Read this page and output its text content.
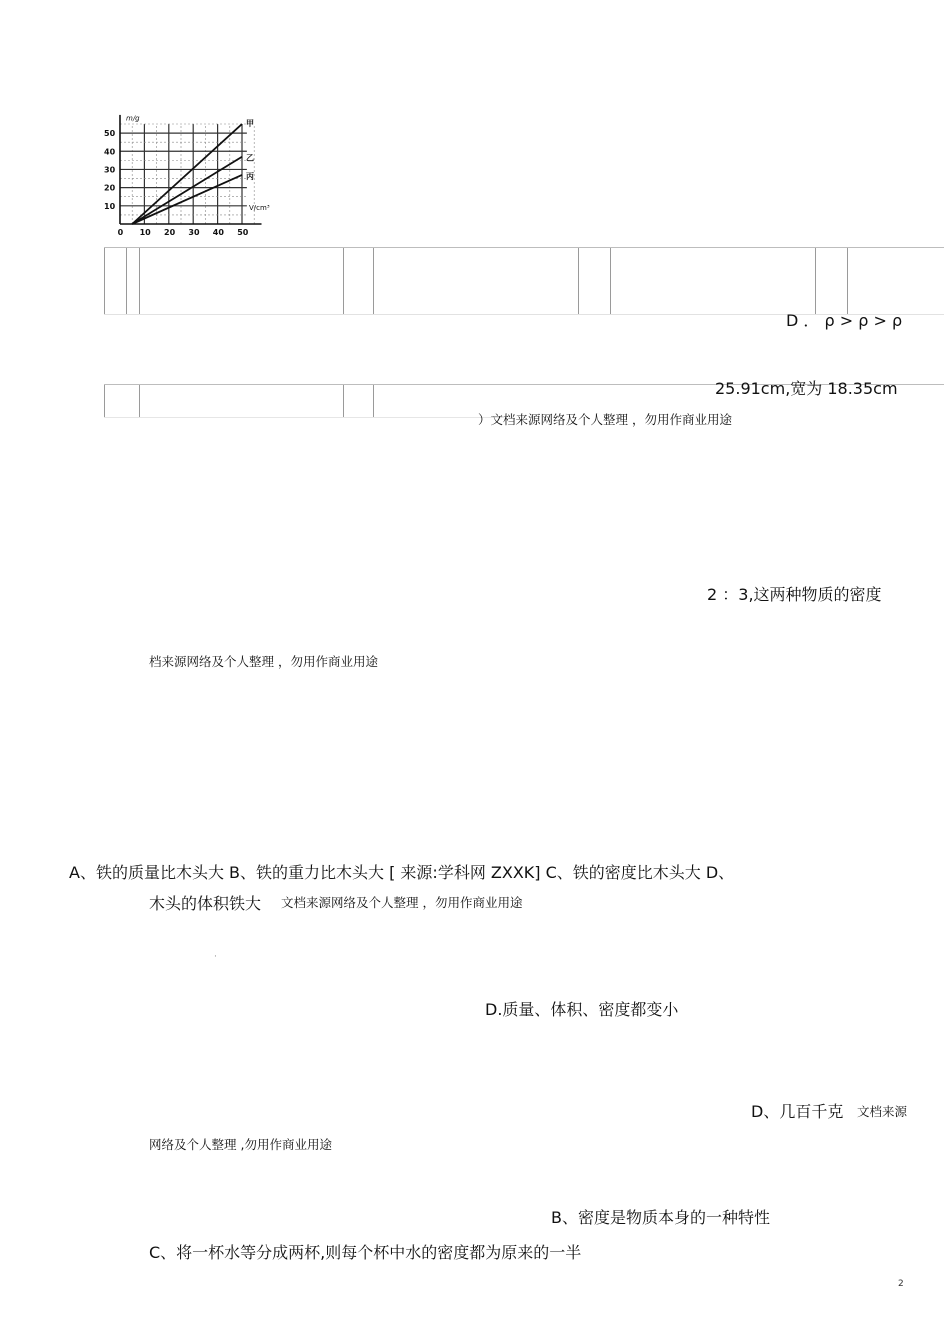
甲
乙
丙
m/g
V/cm³
0 10 20 30 40 50
10
20
30
40
50
D ． ρ > ρ > ρ
25.91cm,宽为 18.35cm
）文档来源网络及个人整理 ，勿用作商业用途
2 ：3,这两种物质的密度
档来源网络及个人整理 ，勿用作商业用途
A、铁的质量比木头大 B、铁的重力比木头大 [ 来源:学科网 ZXXK] C、铁的密度比木头大 D、
木头的体积铁大 文档来源网络及个人整理 ，勿用作商业用途
·
D.质量、体积、密度都变小
D、几百千克 文档来源
网络及个人整理 ,勿用作商业用途
B、密度是物质本身的一种特性
C、将一杯水等分成两杯,则每个杯中水的密度都为原来的一半
2
